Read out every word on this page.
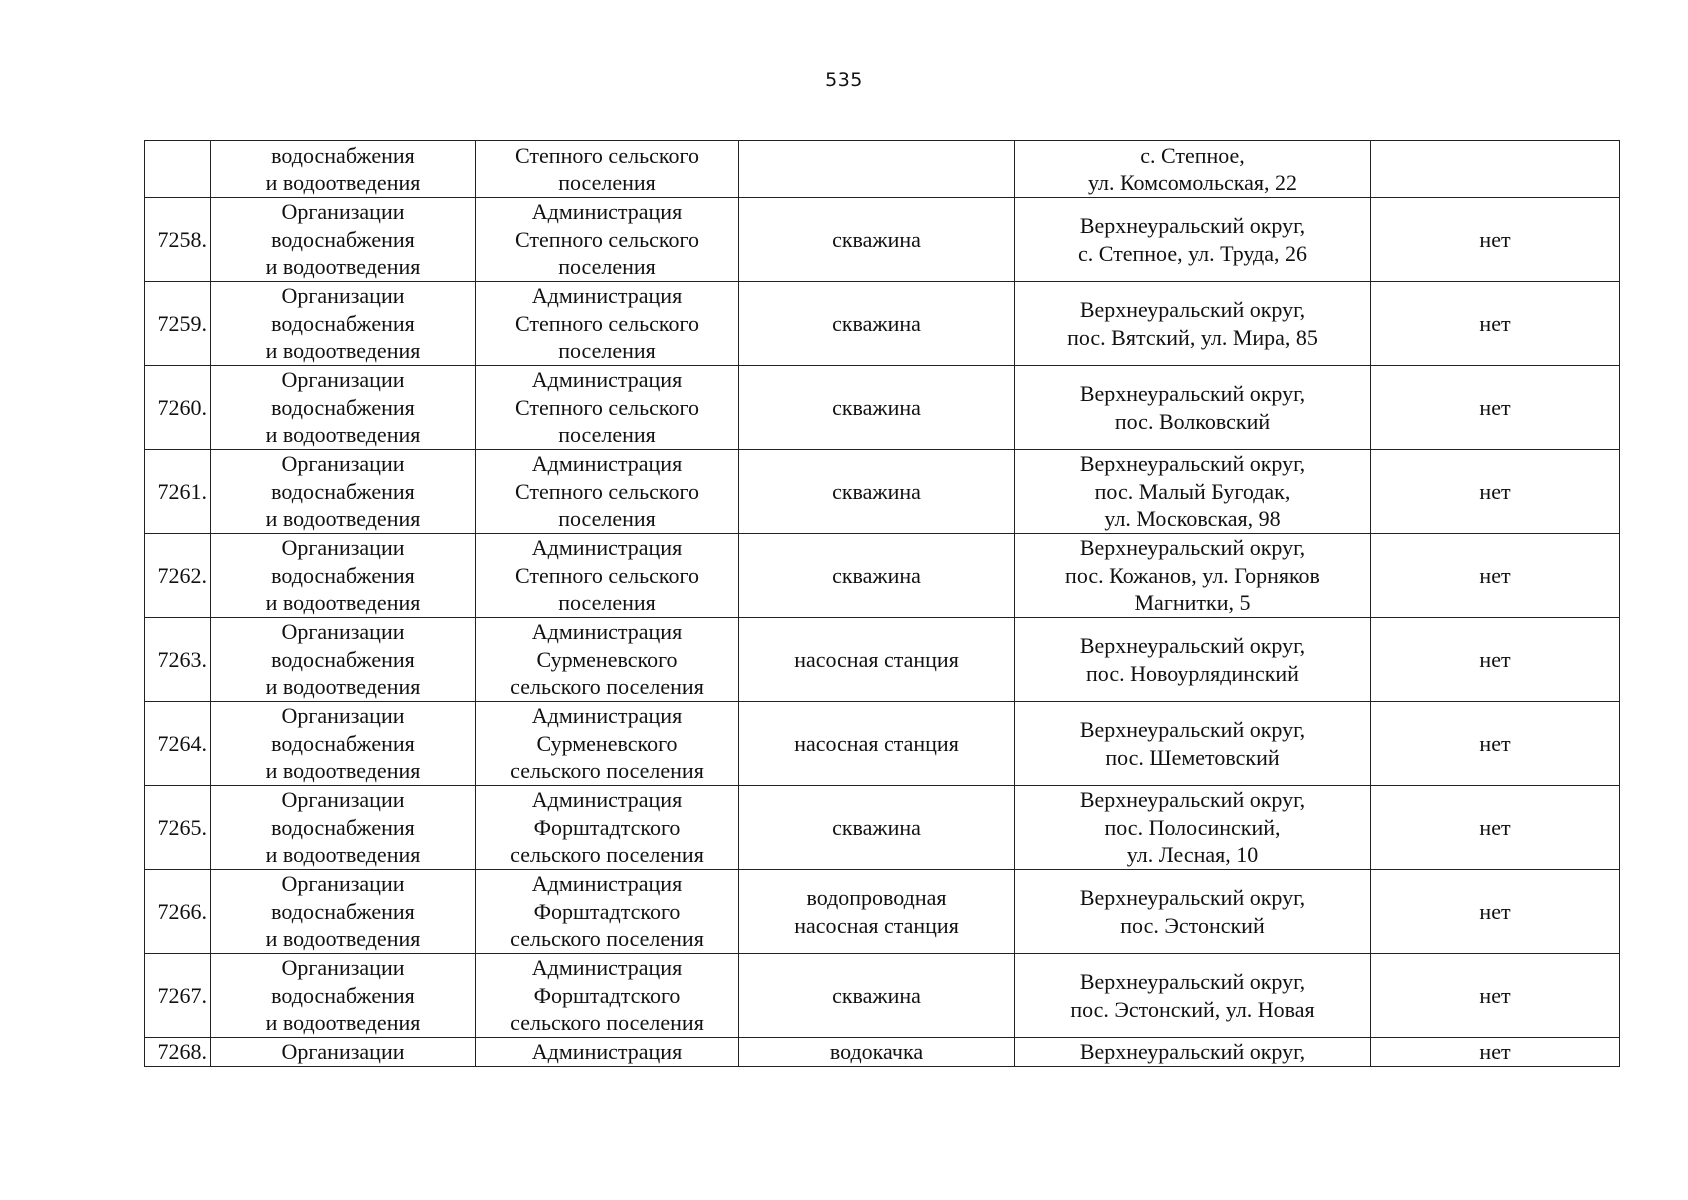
535

	водоснабжения
и водоотведения	Степного сельского
поселения		с. Степное,
ул. Комсомольская, 22	

7258.	Организации
водоснабжения
и водоотведения	Администрация
Степного сельского
поселения	скважина	Верхнеуральский округ,
с. Степное, ул. Труда, 26	нет
7259.	Организации
водоснабжения
и водоотведения	Администрация
Степного сельского
поселения	скважина	Верхнеуральский округ,
пос. Вятский, ул. Мира, 85	нет
7260.	Организации
водоснабжения
и водоотведения	Администрация
Степного сельского
поселения	скважина	Верхнеуральский округ,
пос. Волковский	нет
7261.	Организации
водоснабжения
и водоотведения	Администрация
Степного сельского
поселения	скважина	Верхнеуральский округ,
пос. Малый Бугодак,
ул. Московская, 98	нет
7262.	Организации
водоснабжения
и водоотведения	Администрация
Степного сельского
поселения	скважина	Верхнеуральский округ,
пос. Кожанов, ул. Горняков
Магнитки, 5	нет
7263.	Организации
водоснабжения
и водоотведения	Администрация
Сурменевского
сельского поселения	насосная станция	Верхнеуральский округ,
пос. Новоурлядинский	нет
7264.	Организации
водоснабжения
и водоотведения	Администрация
Сурменевского
сельского поселения	насосная станция	Верхнеуральский округ,
пос. Шеметовский	нет
7265.	Организации
водоснабжения
и водоотведения	Администрация
Форштадтского
сельского поселения	скважина	Верхнеуральский округ,
пос. Полосинский,
ул. Лесная, 10	нет
7266.	Организации
водоснабжения
и водоотведения	Администрация
Форштадтского
сельского поселения	водопроводная
насосная станция	Верхнеуральский округ,
пос. Эстонский	нет
7267.	Организации
водоснабжения
и водоотведения	Администрация
Форштадтского
сельского поселения	скважина	Верхнеуральский округ,
пос. Эстонский, ул. Новая	нет
7268.	Организации	Администрация	водокачка	Верхнеуральский округ,	нет
